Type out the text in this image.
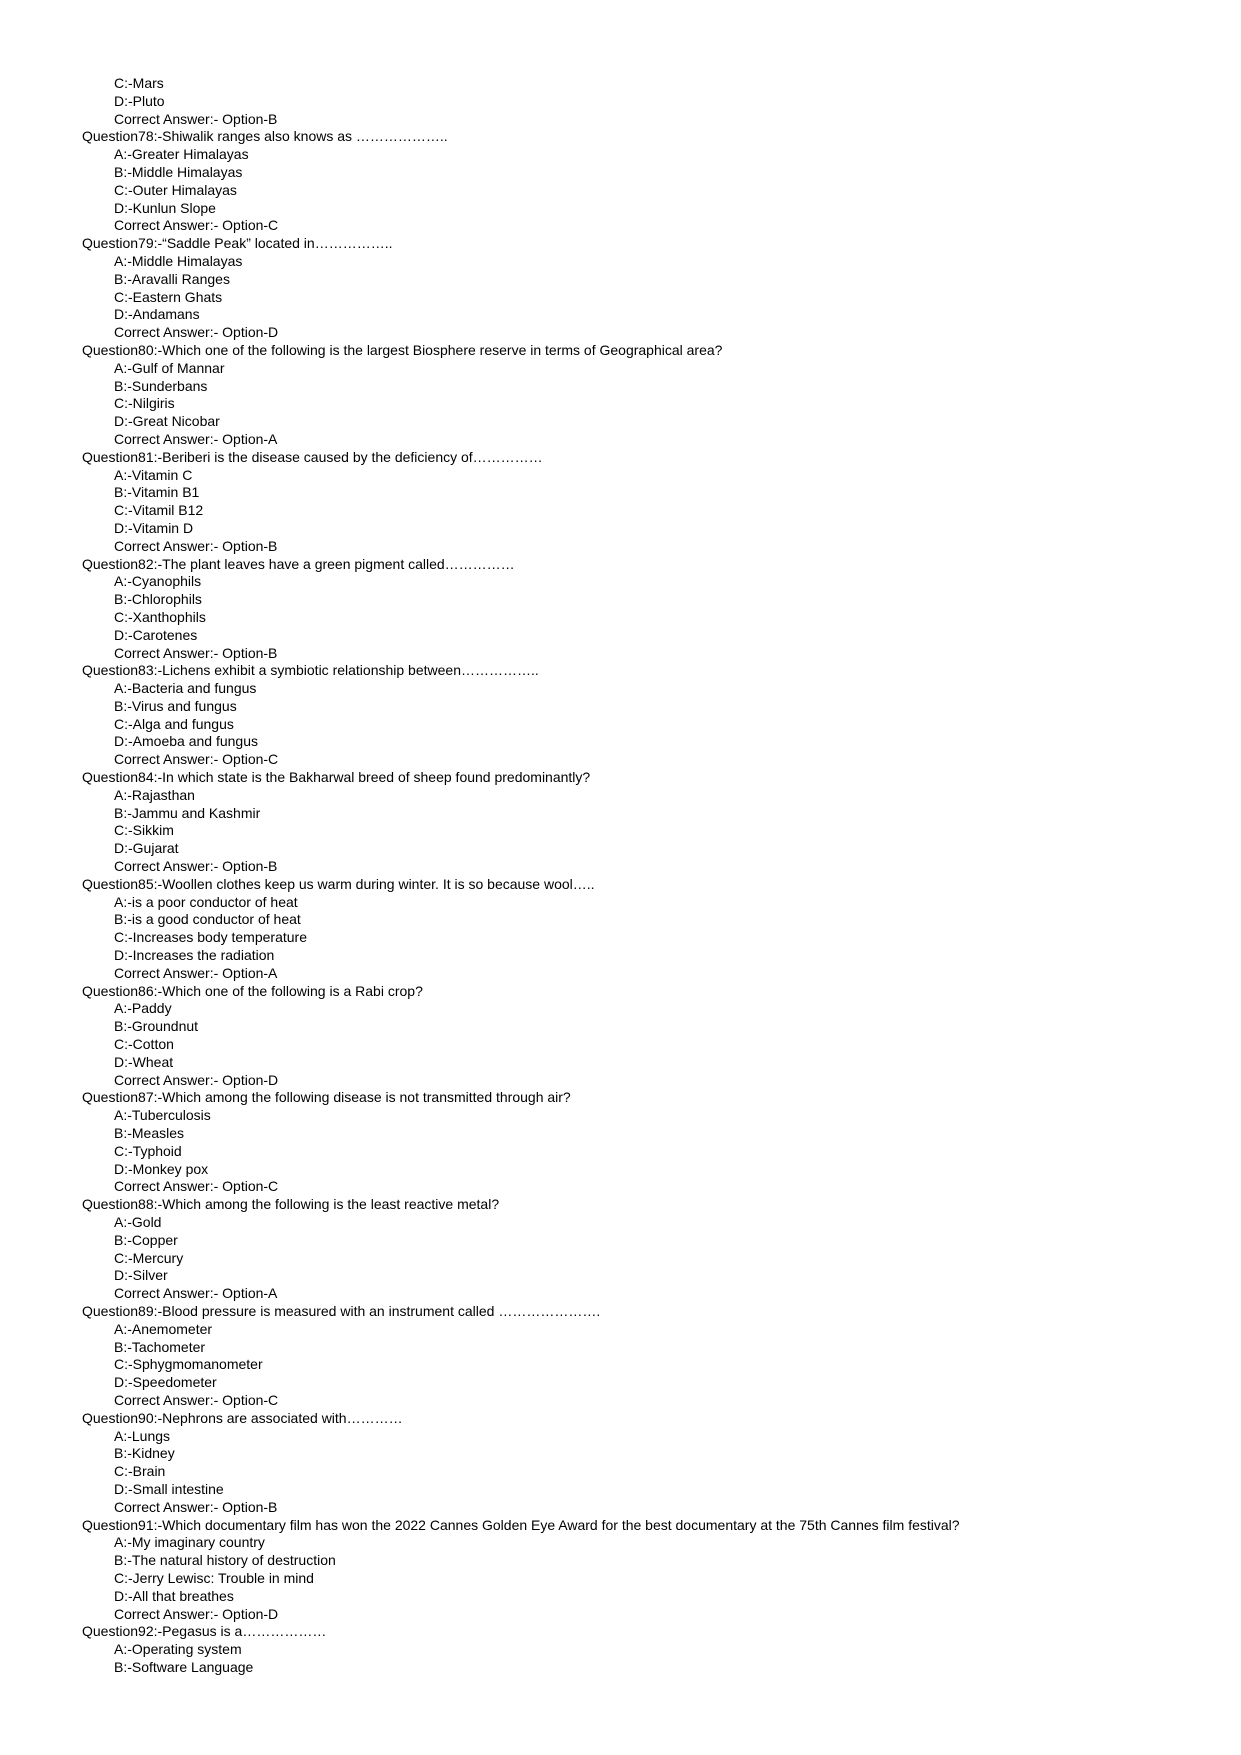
C:-Mars
D:-Pluto
Correct Answer:- Option-B
Question78:-Shiwalik ranges also knows as ………………..
A:-Greater Himalayas
B:-Middle Himalayas
C:-Outer Himalayas
D:-Kunlun Slope
Correct Answer:- Option-C
Question79:-“Saddle Peak” located in……………..
A:-Middle Himalayas
B:-Aravalli Ranges
C:-Eastern Ghats
D:-Andamans
Correct Answer:- Option-D
Question80:-Which one of the following is the largest Biosphere reserve in terms of Geographical area?
A:-Gulf of Mannar
B:-Sunderbans
C:-Nilgiris
D:-Great Nicobar
Correct Answer:- Option-A
Question81:-Beriberi is the disease caused by the deficiency of……………
A:-Vitamin C
B:-Vitamin B1
C:-Vitamil B12
D:-Vitamin D
Correct Answer:- Option-B
Question82:-The plant leaves have a green pigment called……………
A:-Cyanophils
B:-Chlorophils
C:-Xanthophils
D:-Carotenes
Correct Answer:- Option-B
Question83:-Lichens exhibit a symbiotic relationship between……………..
A:-Bacteria and fungus
B:-Virus and fungus
C:-Alga and fungus
D:-Amoeba and fungus
Correct Answer:- Option-C
Question84:-In which state is the Bakharwal breed of sheep found predominantly?
A:-Rajasthan
B:-Jammu and Kashmir
C:-Sikkim
D:-Gujarat
Correct Answer:- Option-B
Question85:-Woollen clothes keep us warm during winter. It is so because wool…..
A:-is a poor conductor of heat
B:-is a good conductor of heat
C:-Increases body temperature
D:-Increases the radiation
Correct Answer:- Option-A
Question86:-Which one of the following is a Rabi crop?
A:-Paddy
B:-Groundnut
C:-Cotton
D:-Wheat
Correct Answer:- Option-D
Question87:-Which among the following disease is not transmitted through air?
A:-Tuberculosis
B:-Measles
C:-Typhoid
D:-Monkey pox
Correct Answer:- Option-C
Question88:-Which among the following is the least reactive metal?
A:-Gold
B:-Copper
C:-Mercury
D:-Silver
Correct Answer:- Option-A
Question89:-Blood pressure is measured with an instrument called ………………….
A:-Anemometer
B:-Tachometer
C:-Sphygmomanometer
D:-Speedometer
Correct Answer:- Option-C
Question90:-Nephrons are associated with…………
A:-Lungs
B:-Kidney
C:-Brain
D:-Small intestine
Correct Answer:- Option-B
Question91:-Which documentary film has won the 2022 Cannes Golden Eye Award for the best documentary at the 75th Cannes film festival?
A:-My imaginary country
B:-The natural history of destruction
C:-Jerry Lewisc: Trouble in mind
D:-All that breathes
Correct Answer:- Option-D
Question92:-Pegasus is a………………
A:-Operating system
B:-Software Language
